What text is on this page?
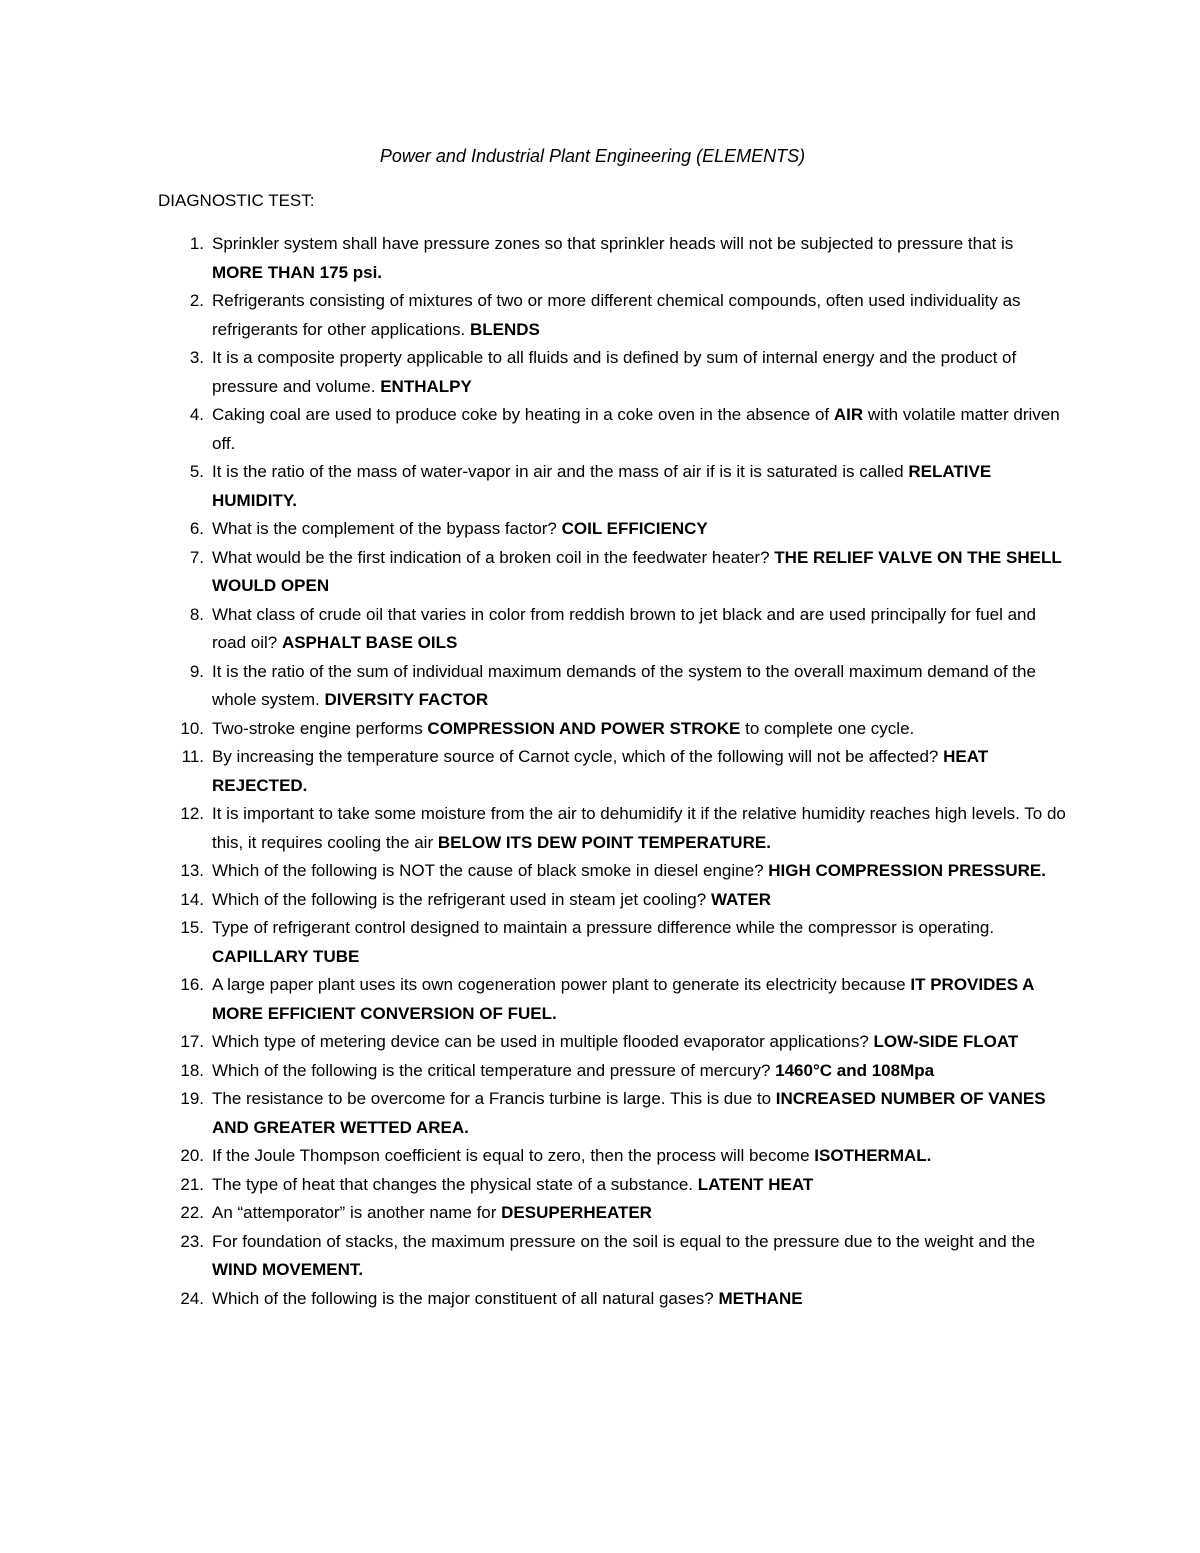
Power and Industrial Plant Engineering (ELEMENTS)
DIAGNOSTIC TEST:
1. Sprinkler system shall have pressure zones so that sprinkler heads will not be subjected to pressure that is MORE THAN 175 psi.
2. Refrigerants consisting of mixtures of two or more different chemical compounds, often used individuality as refrigerants for other applications. BLENDS
3. It is a composite property applicable to all fluids and is defined by sum of internal energy and the product of pressure and volume. ENTHALPY
4. Caking coal are used to produce coke by heating in a coke oven in the absence of AIR with volatile matter driven off.
5. It is the ratio of the mass of water-vapor in air and the mass of air if is it is saturated is called RELATIVE HUMIDITY.
6. What is the complement of the bypass factor? COIL EFFICIENCY
7. What would be the first indication of a broken coil in the feedwater heater? THE RELIEF VALVE ON THE SHELL WOULD OPEN
8. What class of crude oil that varies in color from reddish brown to jet black and are used principally for fuel and road oil? ASPHALT BASE OILS
9. It is the ratio of the sum of individual maximum demands of the system to the overall maximum demand of the whole system. DIVERSITY FACTOR
10. Two-stroke engine performs COMPRESSION AND POWER STROKE to complete one cycle.
11. By increasing the temperature source of Carnot cycle, which of the following will not be affected? HEAT REJECTED.
12. It is important to take some moisture from the air to dehumidify it if the relative humidity reaches high levels. To do this, it requires cooling the air BELOW ITS DEW POINT TEMPERATURE.
13. Which of the following is NOT the cause of black smoke in diesel engine? HIGH COMPRESSION PRESSURE.
14. Which of the following is the refrigerant used in steam jet cooling? WATER
15. Type of refrigerant control designed to maintain a pressure difference while the compressor is operating. CAPILLARY TUBE
16. A large paper plant uses its own cogeneration power plant to generate its electricity because IT PROVIDES A MORE EFFICIENT CONVERSION OF FUEL.
17. Which type of metering device can be used in multiple flooded evaporator applications? LOW-SIDE FLOAT
18. Which of the following is the critical temperature and pressure of mercury? 1460°C and 108Mpa
19. The resistance to be overcome for a Francis turbine is large. This is due to INCREASED NUMBER OF VANES AND GREATER WETTED AREA.
20. If the Joule Thompson coefficient is equal to zero, then the process will become ISOTHERMAL.
21. The type of heat that changes the physical state of a substance. LATENT HEAT
22. An “attemporator” is another name for DESUPERHEATER
23. For foundation of stacks, the maximum pressure on the soil is equal to the pressure due to the weight and the WIND MOVEMENT.
24. Which of the following is the major constituent of all natural gases? METHANE
